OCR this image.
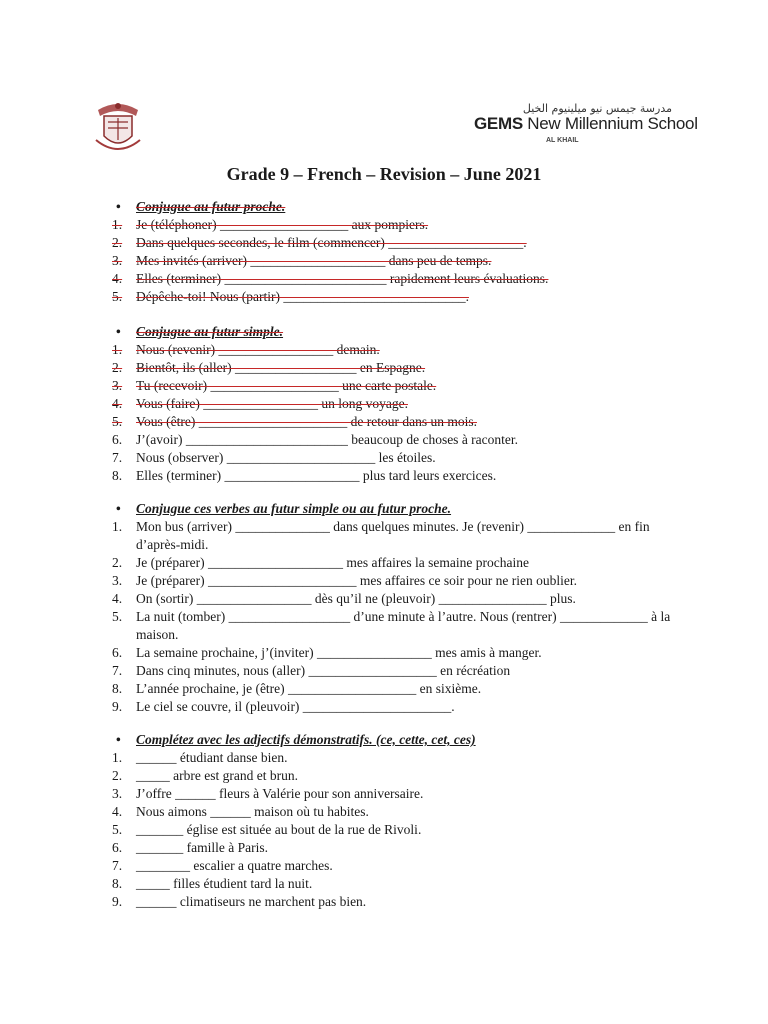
مدرسة جيمس نيو ميلينيوم الخيل
GEMS New Millennium School
AL KHAIL
Grade 9 – French – Revision – June 2021
• Conjugue au futur proche.
1. Je (téléphoner) ___________________ aux pompiers.
2. Dans quelques secondes, le film (commencer) ____________________.
3. Mes invités (arriver) ____________________ dans peu de temps.
4. Elles (terminer) ________________________ rapidement leurs évaluations.
5. Dépêche-toi! Nous (partir) ___________________________.
• Conjugue au futur simple.
1. Nous (revenir) _________________ demain.
2. Bientôt, ils (aller) __________________ en Espagne.
3. Tu (recevoir) ___________________ une carte postale.
4. Vous (faire) _________________ un long voyage.
5. Vous (être) ______________________ de retour dans un mois.
6. J’(avoir) ________________________ beaucoup de choses à raconter.
7. Nous (observer) ______________________ les étoiles.
8. Elles (terminer) ____________________ plus tard leurs exercices.
• Conjugue ces verbes au futur simple ou au futur proche.
1. Mon bus (arriver) ______________ dans quelques minutes. Je (revenir) _____________ en fin d’après-midi.
2. Je (préparer) ____________________ mes affaires la semaine prochaine
3. Je (préparer) ______________________ mes affaires ce soir pour ne rien oublier.
4. On (sortir) _________________ dès qu’il ne (pleuvoir) ________________ plus.
5. La nuit (tomber) __________________ d’une minute à l’autre. Nous (rentrer) _____________ à la maison.
6. La semaine prochaine, j’(inviter) _________________ mes amis à manger.
7. Dans cinq minutes, nous (aller) ___________________ en récréation
8. L’année prochaine, je (être) ___________________ en sixième.
9. Le ciel se couvre, il (pleuvoir) ______________________.
• Complétez avec les adjectifs démonstratifs. (ce, cette, cet, ces)
1. ______ étudiant danse bien.
2. _____ arbre est grand et brun.
3. J’offre ______ fleurs à Valérie pour son anniversaire.
4. Nous aimons ______ maison où tu habites.
5. _______ église est située au bout de la rue de Rivoli.
6. _______ famille à Paris.
7. ________ escalier a quatre marches.
8. _____ filles étudient tard la nuit.
9. ______ climatiseurs ne marchent pas bien.
